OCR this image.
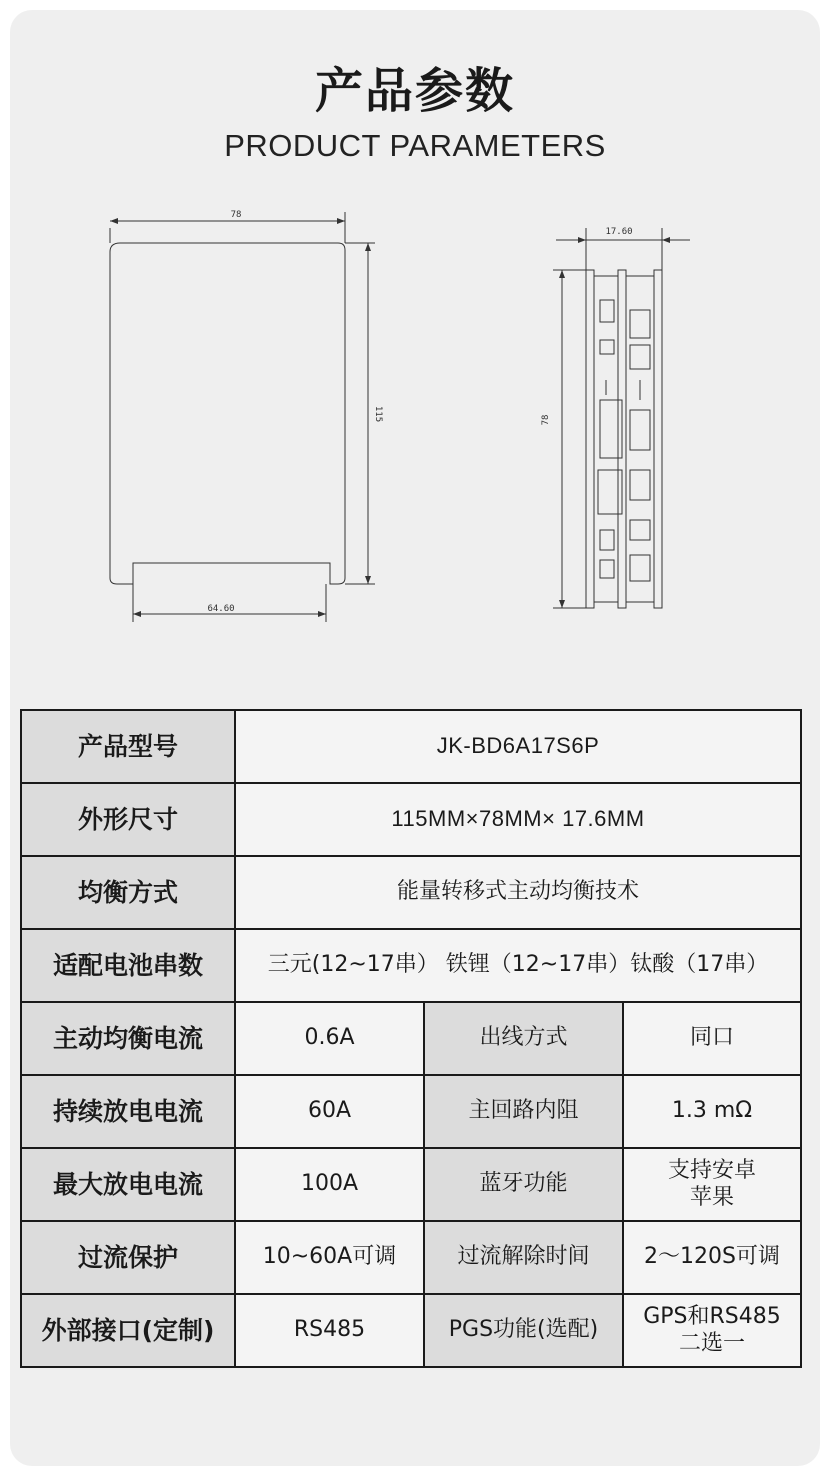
产品参数
PRODUCT PARAMETERS
78
115
64.60
17.60
78
产品型号	JK-BD6A17S6P		
外形尺寸	115MM×78MM× 17.6MM		
均衡方式	能量转移式主动均衡技术		
适配电池串数	三元(12~17串） 铁锂（12~17串）钛酸（17串）		
主动均衡电流	0.6A	出线方式	同口
持续放电电流	60A	主回路内阻	1.3 mΩ
最大放电电流	100A	蓝牙功能	支持安卓
苹果

过流保护	10~60A可调	过流解除时间	2～120S可调
外部接口(定制)	RS485	PGS功能(选配)	GPS和RS485
二选一
